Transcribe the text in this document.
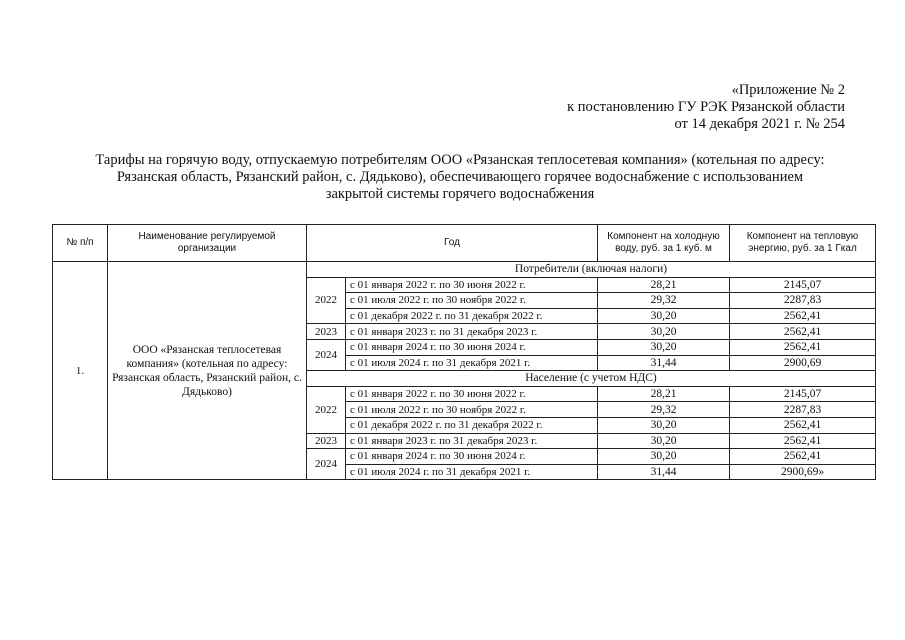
«Приложение № 2
к постановлению ГУ РЭК Рязанской области
от 14 декабря 2021 г. № 254
Тарифы на горячую воду, отпускаемую потребителям ООО «Рязанская теплосетевая компания» (котельная по адресу:
Рязанская область, Рязанский район, с. Дядьково), обеспечивающего горячее водоснабжение с использованием
закрытой системы горячего водоснабжения
№ п/п	Наименование регулируемой организации	Год		Компонент на холодную воду, руб. за 1 куб. м	Компонент на тепловую энергию, руб. за 1 Гкал
1.	ООО «Рязанская теплосетевая компания» (котельная по адресу: Рязанская область, Рязанский район, с. Дядьково)	Потребители (включая налоги)			
		2022	с 01 января 2022 г. по 30 июня 2022 г.	28,21	2145,07
			с 01 июля 2022 г. по 30 ноября 2022 г.	29,32	2287,83
			с 01 декабря 2022 г. по 31 декабря 2022 г.	30,20	2562,41
		2023	с 01 января 2023 г. по 31 декабря 2023 г.	30,20	2562,41
		2024	с 01 января 2024 г. по 30 июня 2024 г.	30,20	2562,41
			с 01 июля 2024 г. по 31 декабря 2021 г.	31,44	2900,69
		Население (с учетом НДС)			
		2022	с 01 января 2022 г. по 30 июня 2022 г.	28,21	2145,07
			с 01 июля 2022 г. по 30 ноября 2022 г.	29,32	2287,83
			с 01 декабря 2022 г. по 31 декабря 2022 г.	30,20	2562,41
		2023	с 01 января 2023 г. по 31 декабря 2023 г.	30,20	2562,41
		2024	с 01 января 2024 г. по 30 июня 2024 г.	30,20	2562,41
			с 01 июля 2024 г. по 31 декабря 2021 г.	31,44	2900,69»
